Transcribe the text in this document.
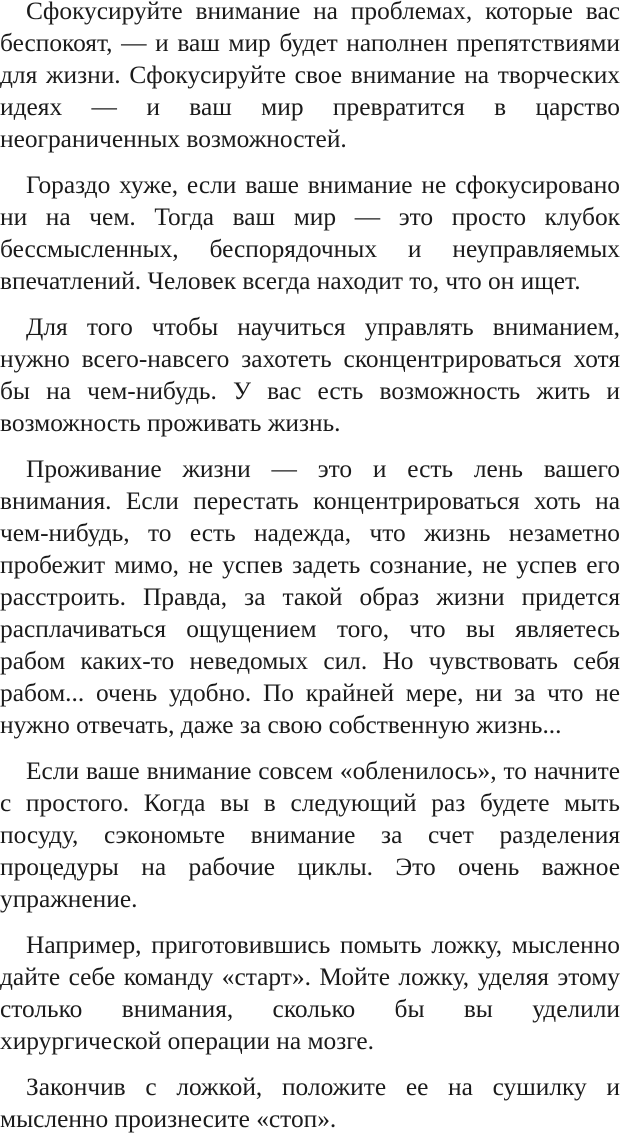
Сфокусируйте внимание на проблемах, которые вас беспокоят, — и ваш мир будет наполнен препятствиями для жизни. Сфокусируйте свое внимание на творческих идеях — и ваш мир превратится в царство неограниченных возможностей.

Гораздо хуже, если ваше внимание не сфокусировано ни на чем. Тогда ваш мир — это просто клубок бессмысленных, беспорядочных и неуправляемых впечатлений. Человек всегда находит то, что он ищет.

Для того чтобы научиться управлять вниманием, нужно всего-навсего захотеть сконцентрироваться хотя бы на чем-нибудь. У вас есть возможность жить и возможность проживать жизнь.

Проживание жизни — это и есть лень вашего внимания. Если перестать концентрироваться хоть на чем-нибудь, то есть надежда, что жизнь незаметно пробежит мимо, не успев задеть сознание, не успев его расстроить. Правда, за такой образ жизни придется расплачиваться ощущением того, что вы являетесь рабом каких-то неведомых сил. Но чувствовать себя рабом... очень удобно. По крайней мере, ни за что не нужно отвечать, даже за свою собственную жизнь...

Если ваше внимание совсем «обленилось», то начните с простого. Когда вы в следующий раз будете мыть посуду, сэкономьте внимание за счет разделения процедуры на рабочие циклы. Это очень важное упражнение.

Например, приготовившись помыть ложку, мысленно дайте себе команду «старт». Мойте ложку, уделяя этому столько внимания, сколько бы вы уделили хирургической операции на мозге.

Закончив с ложкой, положите ее на сушилку и мысленно произнесите «стоп».
